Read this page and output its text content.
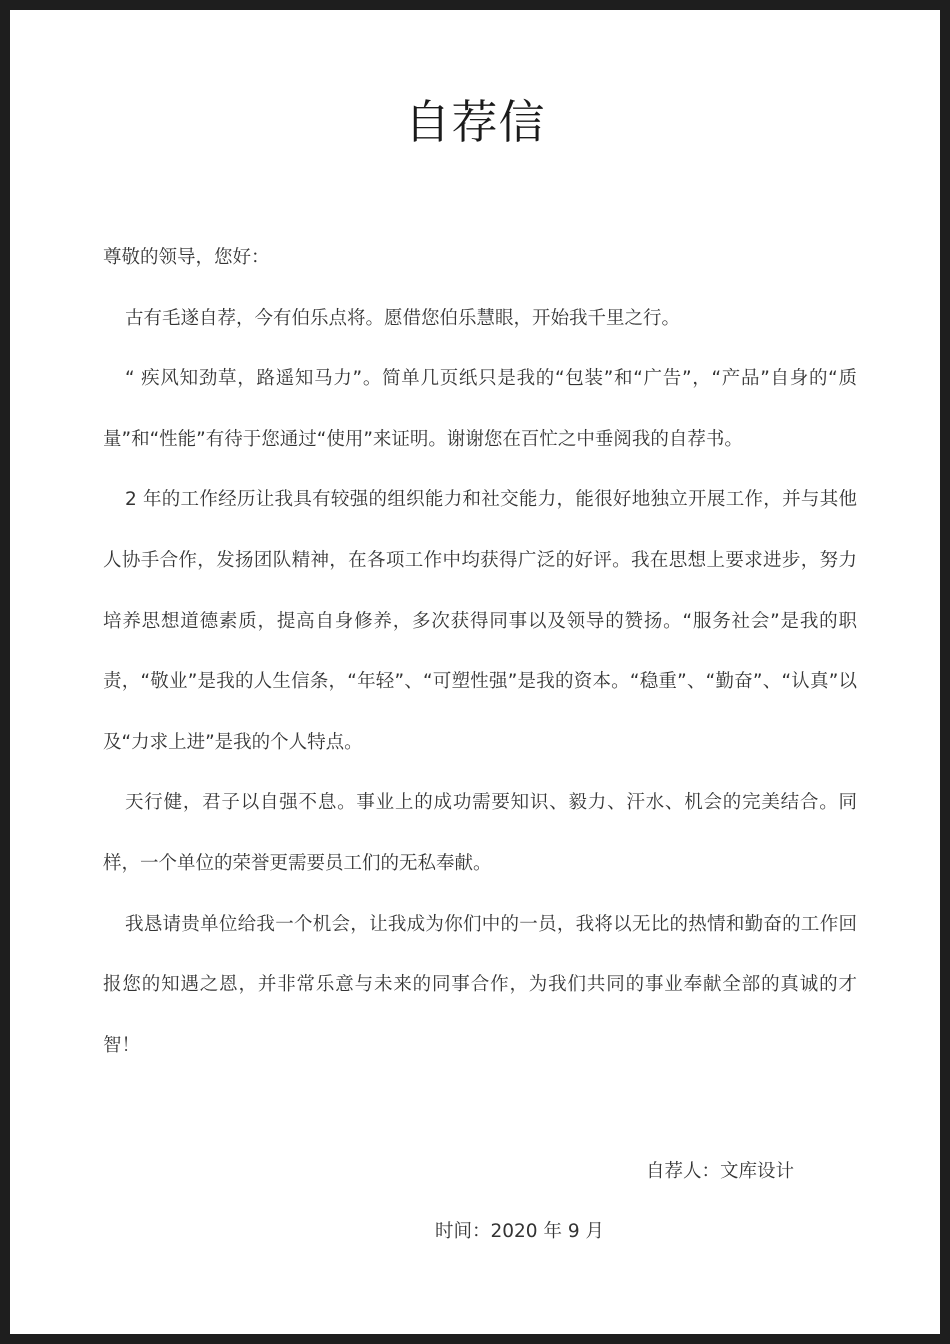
自荐信

尊敬的领导，您好：

古有毛遂自荐，今有伯乐点将。愿借您伯乐慧眼，开始我千里之行。

“ 疾风知劲草，路遥知马力”。简单几页纸只是我的“包装”和“广告”，“产品”自身的“质量”和“性能”有待于您通过“使用”来证明。谢谢您在百忙之中垂阅我的自荐书。

2 年的工作经历让我具有较强的组织能力和社交能力，能很好地独立开展工作，并与其他人协手合作，发扬团队精神，在各项工作中均获得广泛的好评。我在思想上要求进步，努力培养思想道德素质，提高自身修养，多次获得同事以及领导的赞扬。“服务社会”是我的职责，“敬业”是我的人生信条，“年轻”、“可塑性强”是我的资本。“稳重”、“勤奋”、“认真”以及“力求上进”是我的个人特点。

天行健，君子以自强不息。事业上的成功需要知识、毅力、汗水、机会的完美结合。同样，一个单位的荣誉更需要员工们的无私奉献。

我恳请贵单位给我一个机会，让我成为你们中的一员，我将以无比的热情和勤奋的工作回报您的知遇之恩，并非常乐意与未来的同事合作，为我们共同的事业奉献全部的真诚的才智！

自荐人：文库设计
时间：2020 年 9 月
